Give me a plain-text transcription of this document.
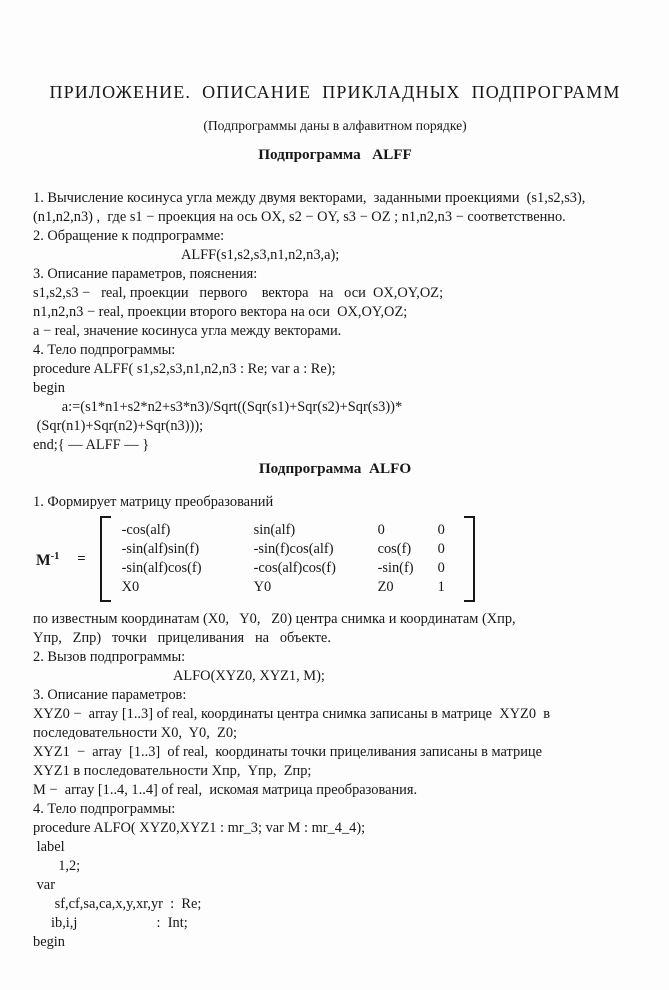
ПРИЛОЖЕНИЕ.  ОПИСАНИЕ  ПРИКЛАДНЫХ  ПОДПРОГРАММ
(Подпрограммы даны в алфавитном порядке)
Подпрограмма   ALFF
1. Вычисление косинуса угла между двумя векторами,  заданными проекциями  (s1,s2,s3),
(n1,n2,n3) ,  где s1 − проекция на ось OX, s2 − OY, s3 − OZ ; n1,n2,n3 − соответственно.
2. Обращение к подпрограмме:
ALFF(s1,s2,s3,n1,n2,n3,a);
3. Описание параметров, пояснения:
s1,s2,s3 −   real, проекции   первого    вектора   на   оси  OX,OY,OZ;
n1,n2,n3 − real, проекции второго вектора на оси  OX,OY,OZ;
a − real, значение косинуса угла между векторами.
4. Тело подпрограммы:
procedure ALFF( s1,s2,s3,n1,n2,n3 : Re; var a : Re);
begin
a:=(s1*n1+s2*n2+s3*n3)/Sqrt((Sqr(s1)+Sqr(s2)+Sqr(s3))*
(Sqr(n1)+Sqr(n2)+Sqr(n3)));
end;{ — ALFF — }
Подпрограмма  ALFO
1. Формирует матрицу преобразований
$M^{-1}$	=
-cos(alf)	sin(alf)	0	0
-sin(alf)sin(f)	-sin(f)cos(alf)	cos(f)	0
-sin(alf)cos(f)	-cos(alf)cos(f)	-sin(f)	0
X0	Y0	Z0	1
по известным координатам (X0,   Y0,   Z0) центра снимка и координатам (Xпр,
Yпр,   Zпр)   точки   прицеливания   на   объекте.
2. Вызов подпрограммы:
ALFO(XYZ0, XYZ1, M);
3. Описание параметров:
XYZ0 −  array [1..3] of real, координаты центра снимка записаны в матрице  XYZ0  в
последовательности X0,  Y0,  Z0;
XYZ1  −  array  [1..3]  of real,  координаты точки прицеливания записаны в матрице
XYZ1 в последовательности Xпр,  Yпр,  Zпр;
M −  array [1..4, 1..4] of real,  искомая матрица преобразования.
4. Тело подпрограммы:
procedure ALFO( XYZ0,XYZ1 : mr_3; var M : mr_4_4);
label
1,2;
var
sf,cf,sa,ca,x,y,xr,yr  :  Re;
ib,i,j                      :  Int;
begin
